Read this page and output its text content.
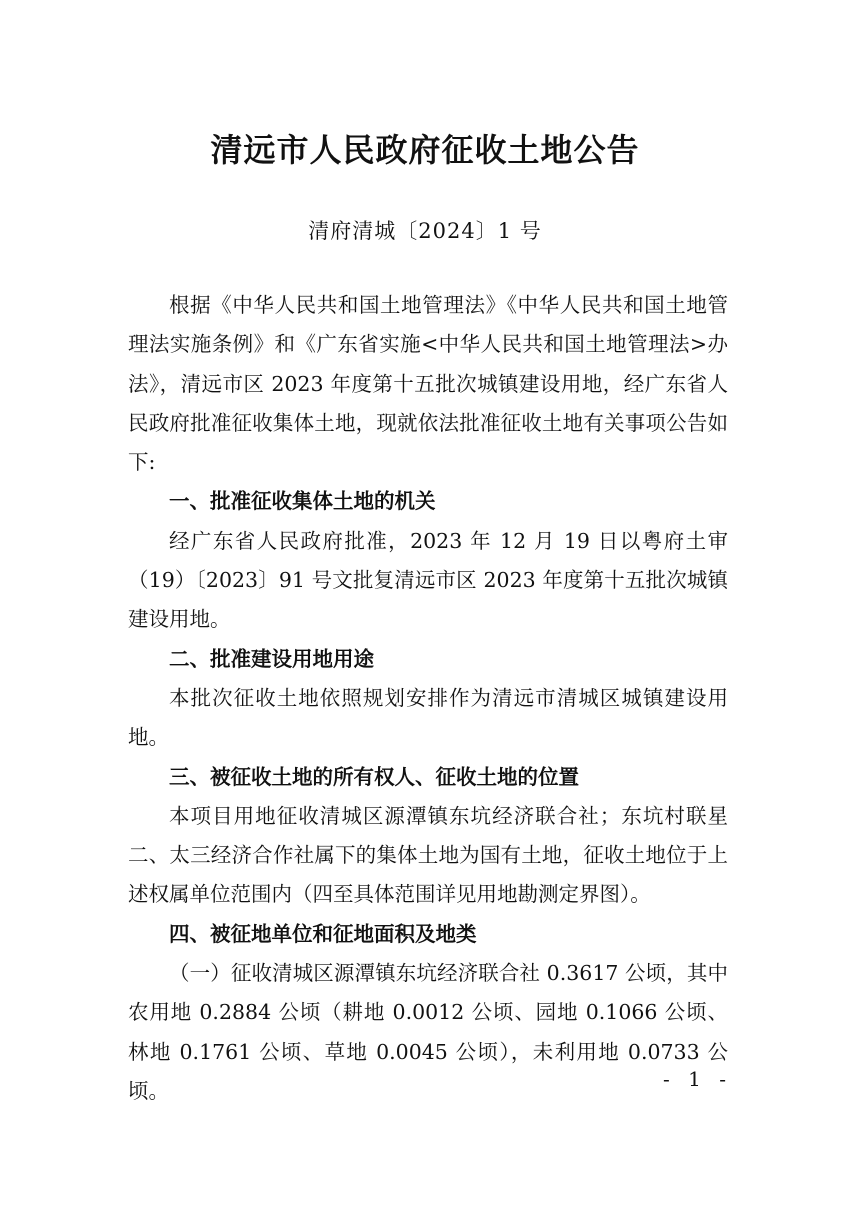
清远市人民政府征收土地公告
清府清城〔2024〕1 号

根据《中华人民共和国土地管理法》《中华人民共和国土地管理法实施条例》和《广东省实施<中华人民共和国土地管理法>办法》，清远市区 2023 年度第十五批次城镇建设用地，经广东省人民政府批准征收集体土地，现就依法批准征收土地有关事项公告如下:

一、批准征收集体土地的机关

经广东省人民政府批准，2023 年 12 月 19 日以粤府土审（19）〔2023〕91 号文批复清远市区 2023 年度第十五批次城镇建设用地。

二、批准建设用地用途

本批次征收土地依照规划安排作为清远市清城区城镇建设用地。

三、被征收土地的所有权人、征收土地的位置

本项目用地征收清城区源潭镇东坑经济联合社；东坑村联星二、太三经济合作社属下的集体土地为国有土地，征收土地位于上述权属单位范围内（四至具体范围详见用地勘测定界图）。

四、被征地单位和征地面积及地类

（一）征收清城区源潭镇东坑经济联合社 0.3617 公顷，其中农用地 0.2884 公顷（耕地 0.0012 公顷、园地 0.1066 公顷、林地 0.1761 公顷、草地 0.0045 公顷），未利用地 0.0733 公顷。	- 1 -
